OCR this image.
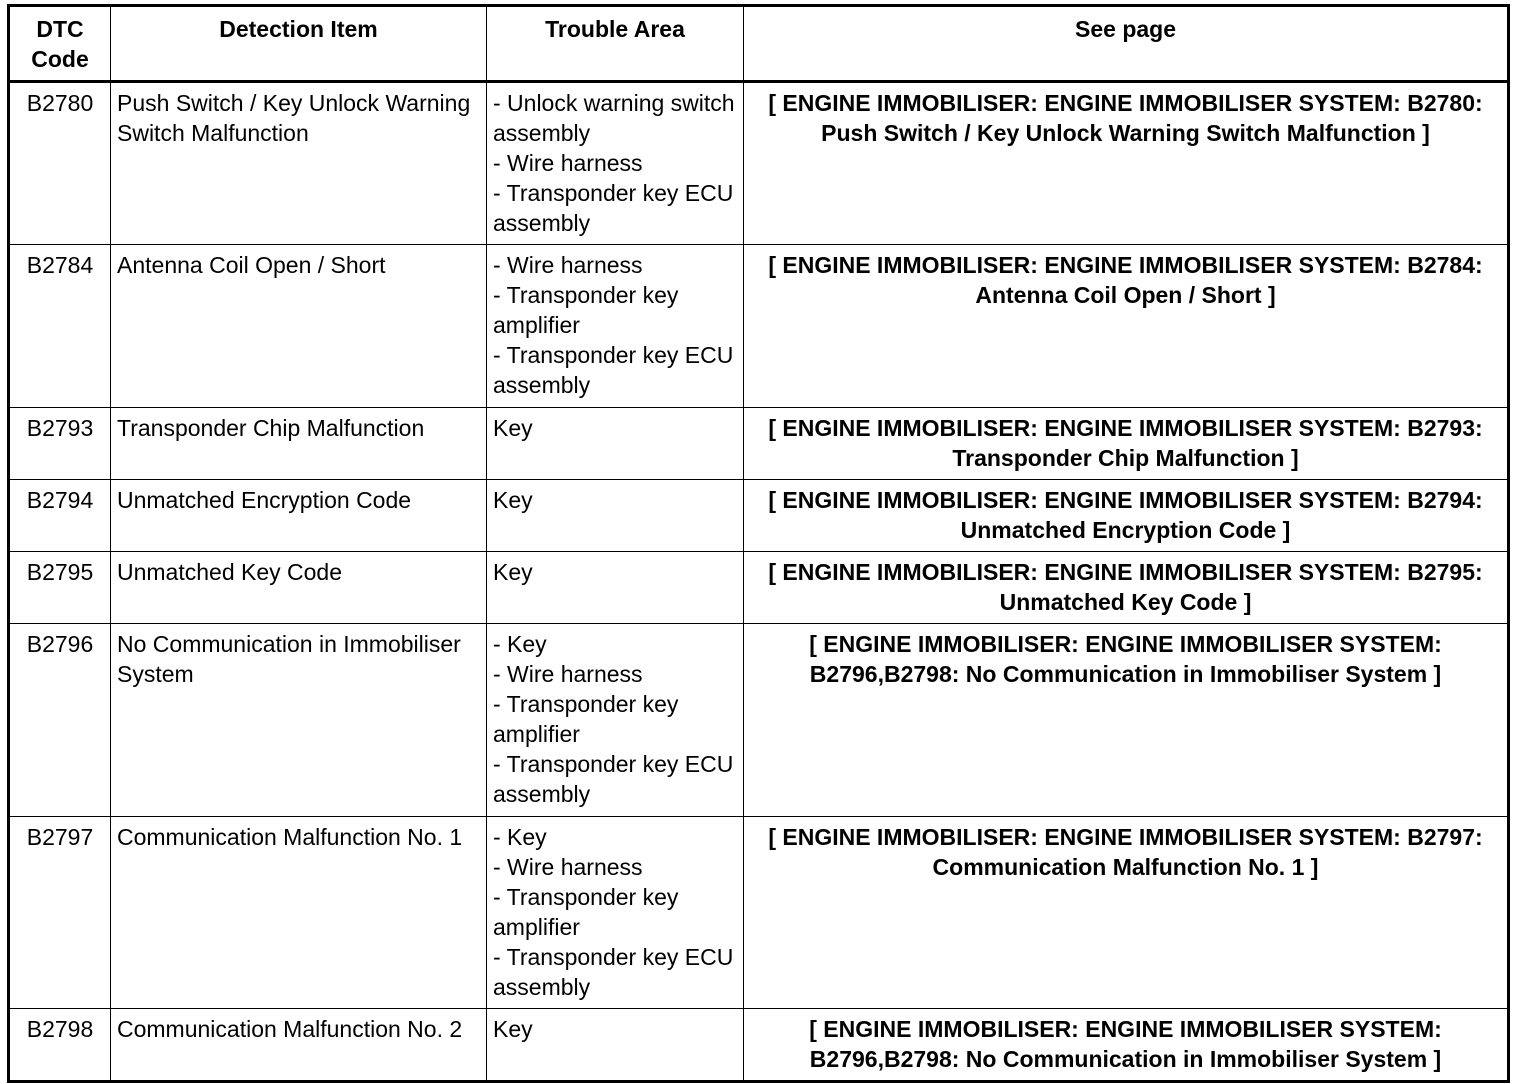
DTC Code	Detection Item	Trouble Area	See page
B2780	Push Switch / Key Unlock Warning Switch Malfunction	- Unlock warning switch assembly
- Wire harness
- Transponder key ECU assembly	[ ENGINE IMMOBILISER: ENGINE IMMOBILISER SYSTEM: B2780: Push Switch / Key Unlock Warning Switch Malfunction ]
B2784	Antenna Coil Open / Short	- Wire harness
- Transponder key amplifier
- Transponder key ECU assembly	[ ENGINE IMMOBILISER: ENGINE IMMOBILISER SYSTEM: B2784: Antenna Coil Open / Short ]
B2793	Transponder Chip Malfunction	Key	[ ENGINE IMMOBILISER: ENGINE IMMOBILISER SYSTEM: B2793: Transponder Chip Malfunction ]
B2794	Unmatched Encryption Code	Key	[ ENGINE IMMOBILISER: ENGINE IMMOBILISER SYSTEM: B2794: Unmatched Encryption Code ]
B2795	Unmatched Key Code	Key	[ ENGINE IMMOBILISER: ENGINE IMMOBILISER SYSTEM: B2795: Unmatched Key Code ]
B2796	No Communication in Immobiliser System	- Key
- Wire harness
- Transponder key amplifier
- Transponder key ECU assembly	[ ENGINE IMMOBILISER: ENGINE IMMOBILISER SYSTEM: B2796,B2798: No Communication in Immobiliser System ]
B2797	Communication Malfunction No. 1	- Key
- Wire harness
- Transponder key amplifier
- Transponder key ECU assembly	[ ENGINE IMMOBILISER: ENGINE IMMOBILISER SYSTEM: B2797: Communication Malfunction No. 1 ]
B2798	Communication Malfunction No. 2	Key	[ ENGINE IMMOBILISER: ENGINE IMMOBILISER SYSTEM: B2796,B2798: No Communication in Immobiliser System ]
